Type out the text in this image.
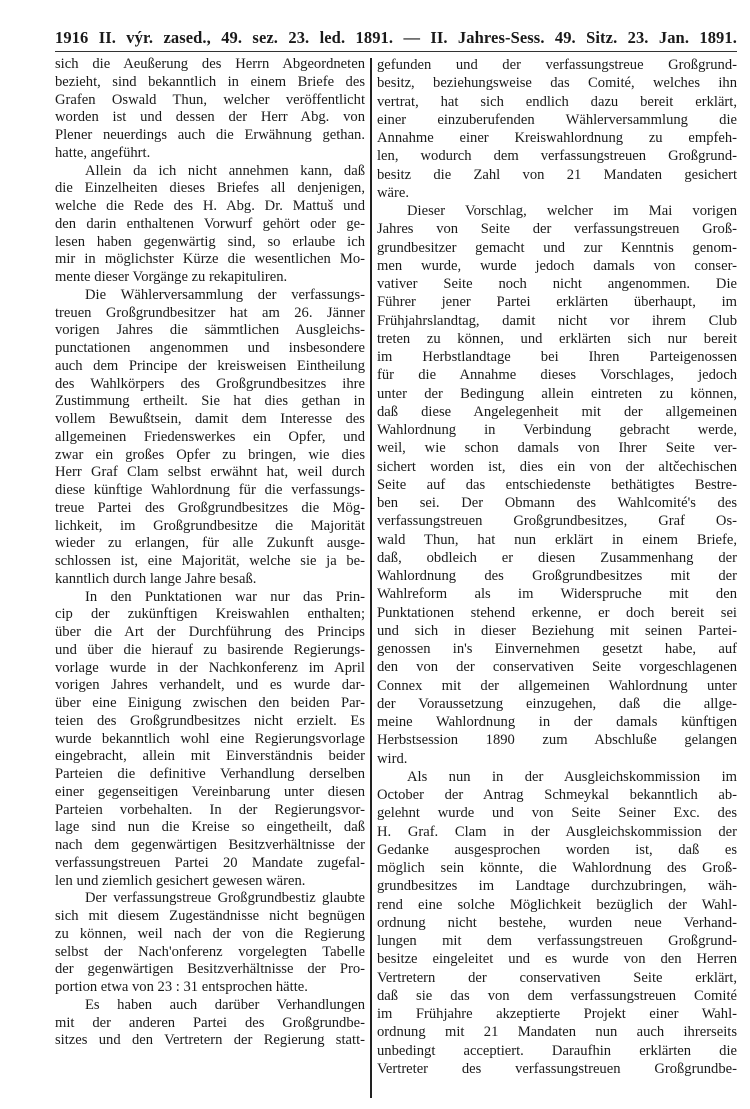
1916 II. výr. zased., 49. sez. 23. led. 1891. — II. Jahres-Sess. 49. Sitz. 23. Jan. 1891.
sich die Aeußerung des Herrn Abgeordneten
bezieht, sind bekanntlich in einem Briefe des
Grafen Oswald Thun, welcher veröffentlicht
worden ist und dessen der Herr Abg. von
Plener neuerdings auch die Erwähnung gethan.
hatte, angeführt.
Allein da ich nicht annehmen kann, daß
die Einzelheiten dieses Briefes all denjenigen,
welche die Rede des H. Abg. Dr. Mattuš und
den darin enthaltenen Vorwurf gehört oder ge-
lesen haben gegenwärtig sind, so erlaube ich
mir in möglichster Kürze die wesentlichen Mo-
mente dieser Vorgänge zu rekapituliren.
Die Wählerversammlung der verfassungs-
treuen Großgrundbesitzer hat am 26. Jänner
vorigen Jahres die sämmtlichen Ausgleichs-
punctationen angenommen und insbesondere
auch dem Principe der kreisweisen Eintheilung
des Wahlkörpers des Großgrundbesitzes ihre
Zustimmung ertheilt. Sie hat dies gethan in
vollem Bewußtsein, damit dem Interesse des
allgemeinen Friedenswerkes ein Opfer, und
zwar ein großes Opfer zu bringen, wie dies
Herr Graf Clam selbst erwähnt hat, weil durch
diese künftige Wahlordnung für die verfassungs-
treue Partei des Großgrundbesitzes die Mög-
lichkeit, im Großgrundbesitze die Majorität
wieder zu erlangen, für alle Zukunft ausge-
schlossen ist, eine Majorität, welche sie ja be-
kanntlich durch lange Jahre besaß.
In den Punktationen war nur das Prin-
cip der zukünftigen Kreiswahlen enthalten;
über die Art der Durchführung des Princips
und über die hierauf zu basirende Regierungs-
vorlage wurde in der Nachkonferenz im April
vorigen Jahres verhandelt, und es wurde dar-
über eine Einigung zwischen den beiden Par-
teien des Großgrundbesitzes nicht erzielt. Es
wurde bekanntlich wohl eine Regierungsvorlage
eingebracht, allein mit Einverständnis beider
Parteien die definitive Verhandlung derselben
einer gegenseitigen Vereinbarung unter diesen
Parteien vorbehalten. In der Regierungsvor-
lage sind nun die Kreise so eingetheilt, daß
nach dem gegenwärtigen Besitzverhältnisse der
verfassungstreuen Partei 20 Mandate zugefal-
len und ziemlich gesichert gewesen wären.
Der verfassungstreue Großgrundbestiz glaubte
sich mit diesem Zugeständnisse nicht begnügen
zu können, weil nach der von die Regierung
selbst der Nach'onferenz vorgelegten Tabelle
der gegenwärtigen Besitzverhältnisse der Pro-
portion etwa von 23 : 31 entsprochen hätte.
Es haben auch darüber Verhandlungen
mit der anderen Partei des Großgrundbe-
sitzes und den Vertretern der Regierung statt-
gefunden und der verfassungstreue Großgrund-
besitz, beziehungsweise das Comité, welches ihn
vertrat, hat sich endlich dazu bereit erklärt,
einer einzuberufenden Wählerversammlung die
Annahme einer Kreiswahlordnung zu empfeh-
len, wodurch dem verfassungstreuen Großgrund-
besitz die Zahl von 21 Mandaten gesichert
wäre.
Dieser Vorschlag, welcher im Mai vorigen
Jahres von Seite der verfassungstreuen Groß-
grundbesitzer gemacht und zur Kenntnis genom-
men wurde, wurde jedoch damals von conser-
vativer Seite noch nicht angenommen. Die
Führer jener Partei erklärten überhaupt, im
Frühjahrslandtag, damit nicht vor ihrem Club
treten zu können, und erklärten sich nur bereit
im Herbstlandtage bei Ihren Parteigenossen
für die Annahme dieses Vorschlages, jedoch
unter der Bedingung allein eintreten zu können,
daß diese Angelegenheit mit der allgemeinen
Wahlordnung in Verbindung gebracht werde,
weil, wie schon damals von Ihrer Seite ver-
sichert worden ist, dies ein von der altčechischen
Seite auf das entschiedenste bethätigtes Bestre-
ben sei. Der Obmann des Wahlcomité's des
verfassungstreuen Großgrundbesitzes, Graf Os-
wald Thun, hat nun erklärt in einem Briefe,
daß, obdleich er diesen Zusammenhang der
Wahlordnung des Großgrundbesitzes mit der
Wahlreform als im Widerspruche mit den
Punktationen stehend erkenne, er doch bereit sei
und sich in dieser Beziehung mit seinen Partei-
genossen in's Einvernehmen gesetzt habe, auf
den von der conservativen Seite vorgeschlagenen
Connex mit der allgemeinen Wahlordnung unter
der Voraussetzung einzugehen, daß die allge-
meine Wahlordnung in der damals künftigen
Herbstsession 1890 zum Abschluße gelangen
wird.
Als nun in der Ausgleichskommission im
October der Antrag Schmeykal bekanntlich ab-
gelehnt wurde und von Seite Seiner Exc. des
H. Graf. Clam in der Ausgleichskommission der
Gedanke ausgesprochen worden ist, daß es
möglich sein könnte, die Wahlordnung des Groß-
grundbesitzes im Landtage durchzubringen, wäh-
rend eine solche Möglichkeit bezüglich der Wahl-
ordnung nicht bestehe, wurden neue Verhand-
lungen mit dem verfassungstreuen Großgrund-
besitze eingeleitet und es wurde von den Herren
Vertretern der conservativen Seite erklärt,
daß sie das von dem verfassungstreuen Comité
im Frühjahre akzeptierte Projekt einer Wahl-
ordnung mit 21 Mandaten nun auch ihrerseits
unbedingt acceptiert. Daraufhin erklärten die
Vertreter des verfassungstreuen Großgrundbe-
